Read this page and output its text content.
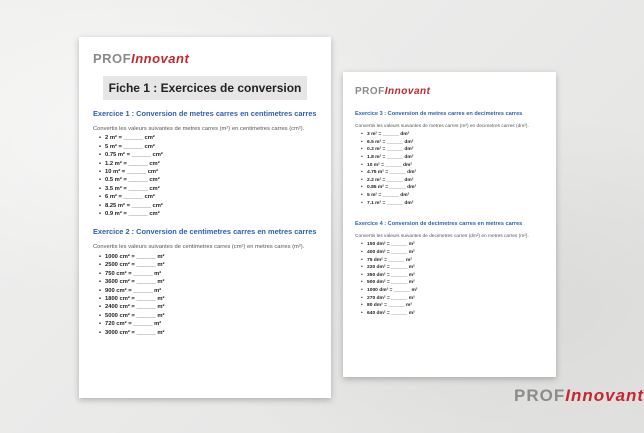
PROFInnovant
Fiche 1 : Exercices de conversion
Exercice 1 : Conversion de metres carres en centimetres carres
Convertis les valeurs suivantes de metres carres (m²) en centimetres carres (cm²).
• 2 m² = ______ cm²
• 5 m² = ______ cm²
• 0.75 m² = ______ cm²
• 1.2 m² = ______ cm²
• 10 m² = ______ cm²
• 0.5 m² = ______ cm²
• 3.5 m² = ______ cm²
• 6 m² = ______ cm²
• 8.25 m² = ______ cm²
• 0.9 m² = ______ cm²
Exercice 2 : Conversion de centimetres carres en metres carres
Convertis les valeurs suivantes de centimetres carres (cm²) en metres carres (m²).
• 1000 cm² = ______ m²
• 2500 cm² = ______ m²
• 750 cm² = ______ m²
• 3600 cm² = ______ m²
• 900 cm² = ______ m²
• 1800 cm² = ______ m²
• 2400 cm² = ______ m²
• 5000 cm² = ______ m²
• 720 cm² = ______ m²
• 3000 cm² = ______ m²
PROFInnovant
Exercice 3 : Conversion de metres carres en decimetres carres
Convertis les valeurs suivantes de metres carres (m²) en decimetres carres (dm²).
• 3 m² = ______ dm²
• 6.5 m² = ______ dm²
• 0.2 m² = ______ dm²
• 1.8 m² = ______ dm²
• 10 m² = ______ dm²
• 4.75 m² = ______ dm²
• 2.2 m² = ______ dm²
• 0.85 m² = ______ dm²
• 5 m² = ______ dm²
• 7.1 m² = ______ dm²
Exercice 4 : Conversion de decimetres carres en metres carres
Convertis les valeurs suivantes de decimetres carres (dm²) en metres carres (m²).
• 150 dm² = ______ m²
• 400 dm² = ______ m²
• 75 dm² = ______ m²
• 220 dm² = ______ m²
• 350 dm² = ______ m²
• 500 dm² = ______ m²
• 1000 dm² = ______ m²
• 270 dm² = ______ m²
• 80 dm² = ______ m²
• 640 dm² = ______ m²
PROFInnovant
